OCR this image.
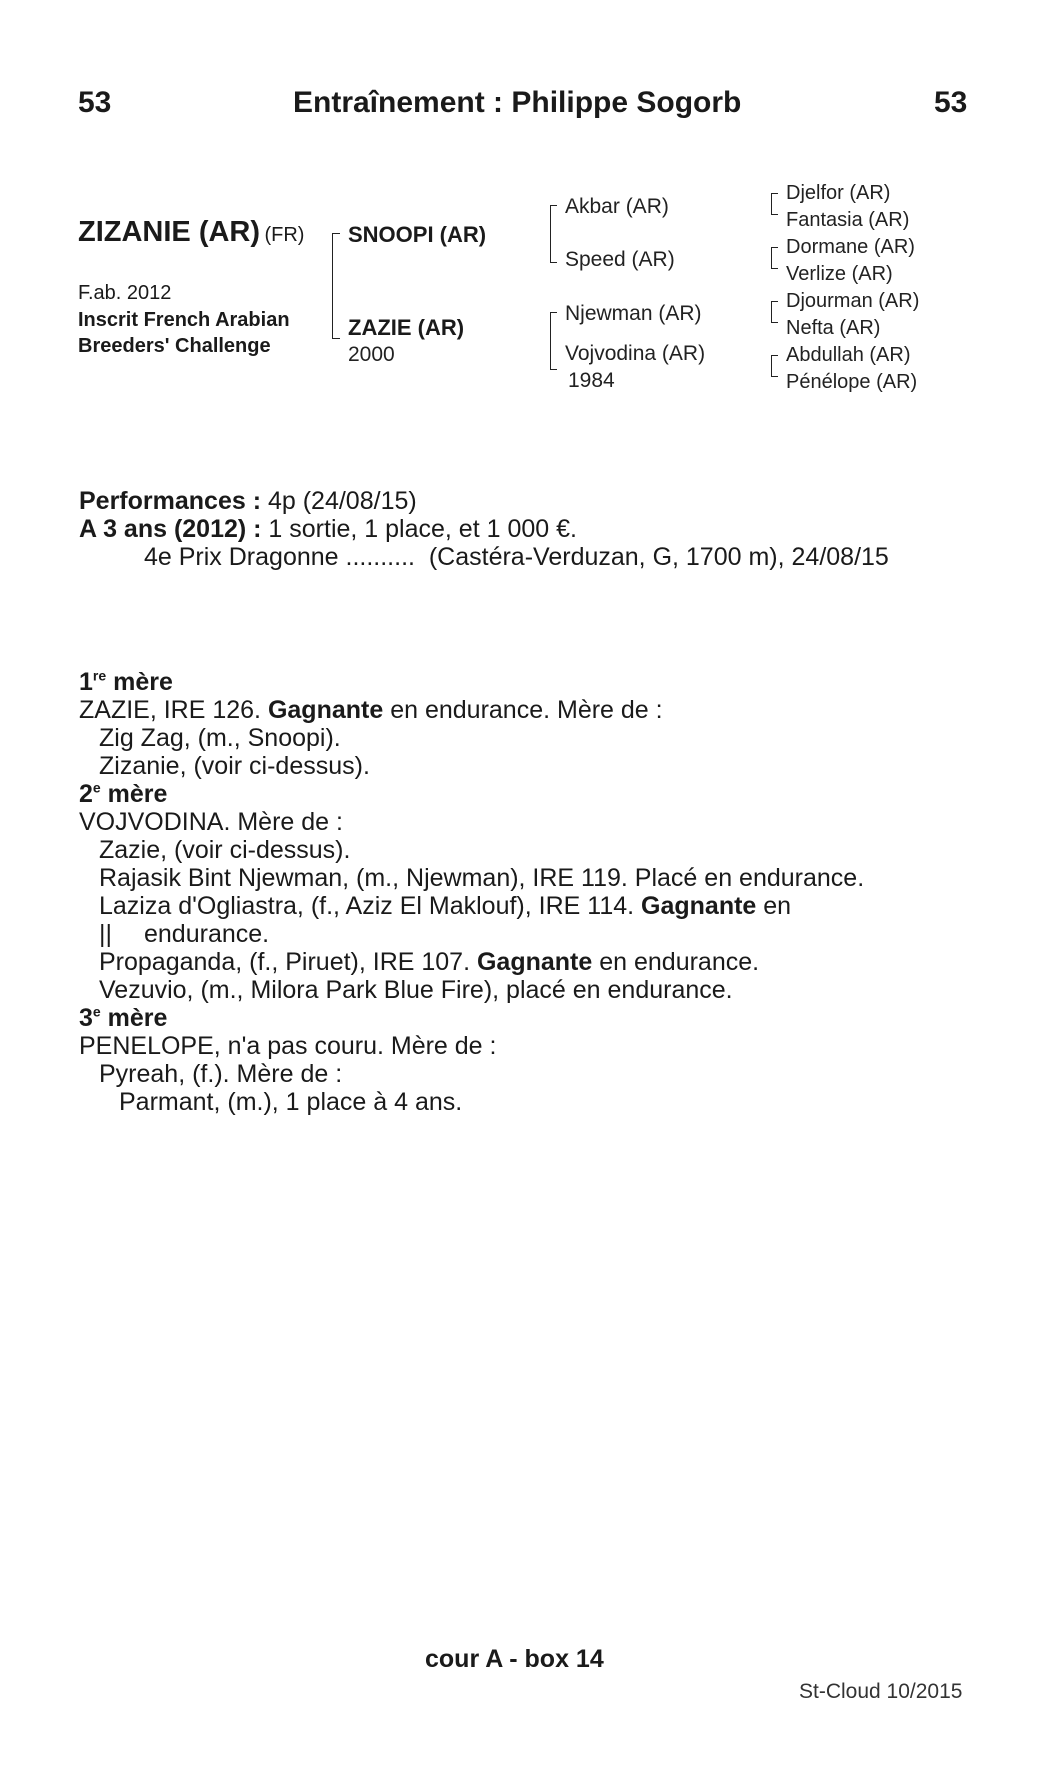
53	Entraînement : Philippe Sogorb	53
ZIZANIE (AR) (FR)
F.ab. 2012
Inscrit French Arabian
Breeders' Challenge
SNOOPI (AR)
ZAZIE (AR)
2000
Akbar (AR)
Speed (AR)
Njewman (AR)
Vojvodina (AR)
1984
Djelfor (AR)
Fantasia (AR)
Dormane (AR)
Verlize (AR)
Djourman (AR)
Nefta (AR)
Abdullah (AR)
Pénélope (AR)
Performances : 4p (24/08/15)
A 3 ans (2012) : 1 sortie, 1 place, et 1 000 €.
4e Prix Dragonne ..........  (Castéra-Verduzan, G, 1700 m), 24/08/15
1re mère
ZAZIE, IRE 126. Gagnante en endurance. Mère de :
Zig Zag, (m., Snoopi).
Zizanie, (voir ci-dessus).
2e mère
VOJVODINA. Mère de :
Zazie, (voir ci-dessus).
Rajasik Bint Njewman, (m., Njewman), IRE 119. Placé en endurance.
Laziza d'Ogliastra, (f., Aziz El Maklouf), IRE 114. Gagnante en
|| endurance.
Propaganda, (f., Piruet), IRE 107. Gagnante en endurance.
Vezuvio, (m., Milora Park Blue Fire), placé en endurance.
3e mère
PENELOPE, n'a pas couru. Mère de :
Pyreah, (f.). Mère de :
Parmant, (m.), 1 place à 4 ans.
cour A - box 14
St-Cloud 10/2015
